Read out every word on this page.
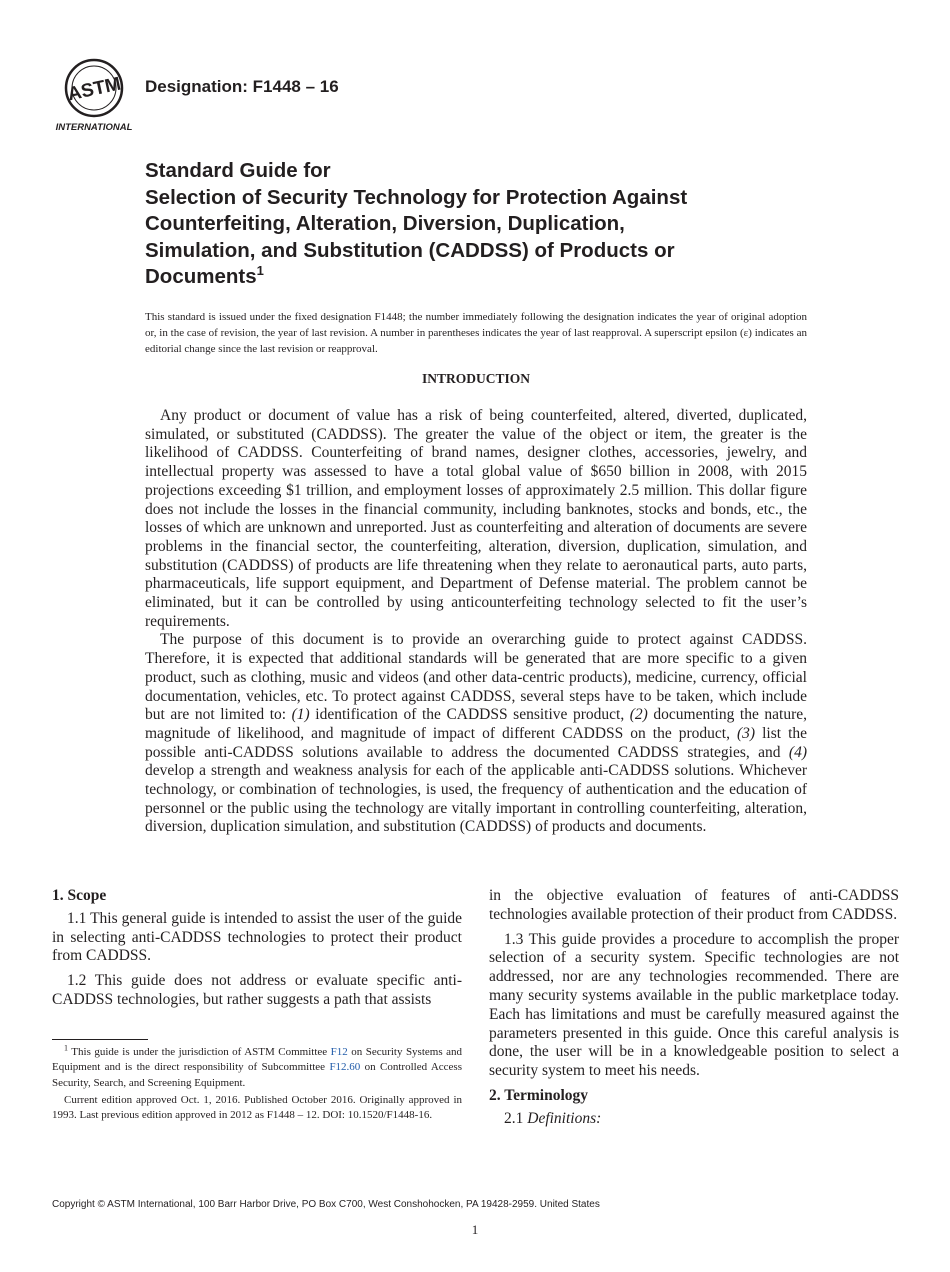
ASTM
INTERNATIONAL
Designation: F1448 – 16
Standard Guide for
Selection of Security Technology for Protection Against
Counterfeiting, Alteration, Diversion, Duplication,
Simulation, and Substitution (CADDSS) of Products or
Documents$^1$
This standard is issued under the fixed designation F1448; the number immediately following the designation indicates the year of original adoption or, in the case of revision, the year of last revision. A number in parentheses indicates the year of last reapproval. A superscript epsilon (ε) indicates an editorial change since the last revision or reapproval.
INTRODUCTION

Any product or document of value has a risk of being counterfeited, altered, diverted, duplicated, simulated, or substituted (CADDSS). The greater the value of the object or item, the greater is the likelihood of CADDSS. Counterfeiting of brand names, designer clothes, accessories, jewelry, and intellectual property was assessed to have a total global value of $650 billion in 2008, with 2015 projections exceeding $1 trillion, and employment losses of approximately 2.5 million. This dollar figure does not include the losses in the financial community, including banknotes, stocks and bonds, etc., the losses of which are unknown and unreported. Just as counterfeiting and alteration of documents are severe problems in the financial sector, the counterfeiting, alteration, diversion, duplication, simulation, and substitution (CADDSS) of products are life threatening when they relate to aeronautical parts, auto parts, pharmaceuticals, life support equipment, and Department of Defense material. The problem cannot be eliminated, but it can be controlled by using anticounterfeiting technology selected to fit the user’s requirements.

The purpose of this document is to provide an overarching guide to protect against CADDSS. Therefore, it is expected that additional standards will be generated that are more specific to a given product, such as clothing, music and videos (and other data-centric products), medicine, currency, official documentation, vehicles, etc. To protect against CADDSS, several steps have to be taken, which include but are not limited to: (1) identification of the CADDSS sensitive product, (2) documenting the nature, magnitude of likelihood, and magnitude of impact of different CADDSS on the product, (3) list the possible anti-CADDSS solutions available to address the documented CADDSS strategies, and (4) develop a strength and weakness analysis for each of the applicable anti-CADDSS solutions. Whichever technology, or combination of technologies, is used, the frequency of authentication and the education of personnel or the public using the technology are vitally important in controlling counterfeiting, alteration, diversion, duplication simulation, and substitution (CADDSS) of products and documents.

1. Scope

1.1 This general guide is intended to assist the user of the guide in selecting anti-CADDSS technologies to protect their product from CADDSS.

1.2 This guide does not address or evaluate specific anti-CADDSS technologies, but rather suggests a path that assists

$^1$ This guide is under the jurisdiction of ASTM Committee F12 on Security Systems and Equipment and is the direct responsibility of Subcommittee F12.60 on Controlled Access Security, Search, and Screening Equipment.

Current edition approved Oct. 1, 2016. Published October 2016. Originally approved in 1993. Last previous edition approved in 2012 as F1448 – 12. DOI: 10.1520/F1448-16.

in the objective evaluation of features of anti-CADDSS technologies available protection of their product from CADDSS.

1.3 This guide provides a procedure to accomplish the proper selection of a security system. Specific technologies are not addressed, nor are any technologies recommended. There are many security systems available in the public marketplace today. Each has limitations and must be carefully measured against the parameters presented in this guide. Once this careful analysis is done, the user will be in a knowledgeable position to select a security system to meet his needs.

2. Terminology

2.1 Definitions:

Copyright © ASTM International, 100 Barr Harbor Drive, PO Box C700, West Conshohocken, PA 19428-2959. United States
1
